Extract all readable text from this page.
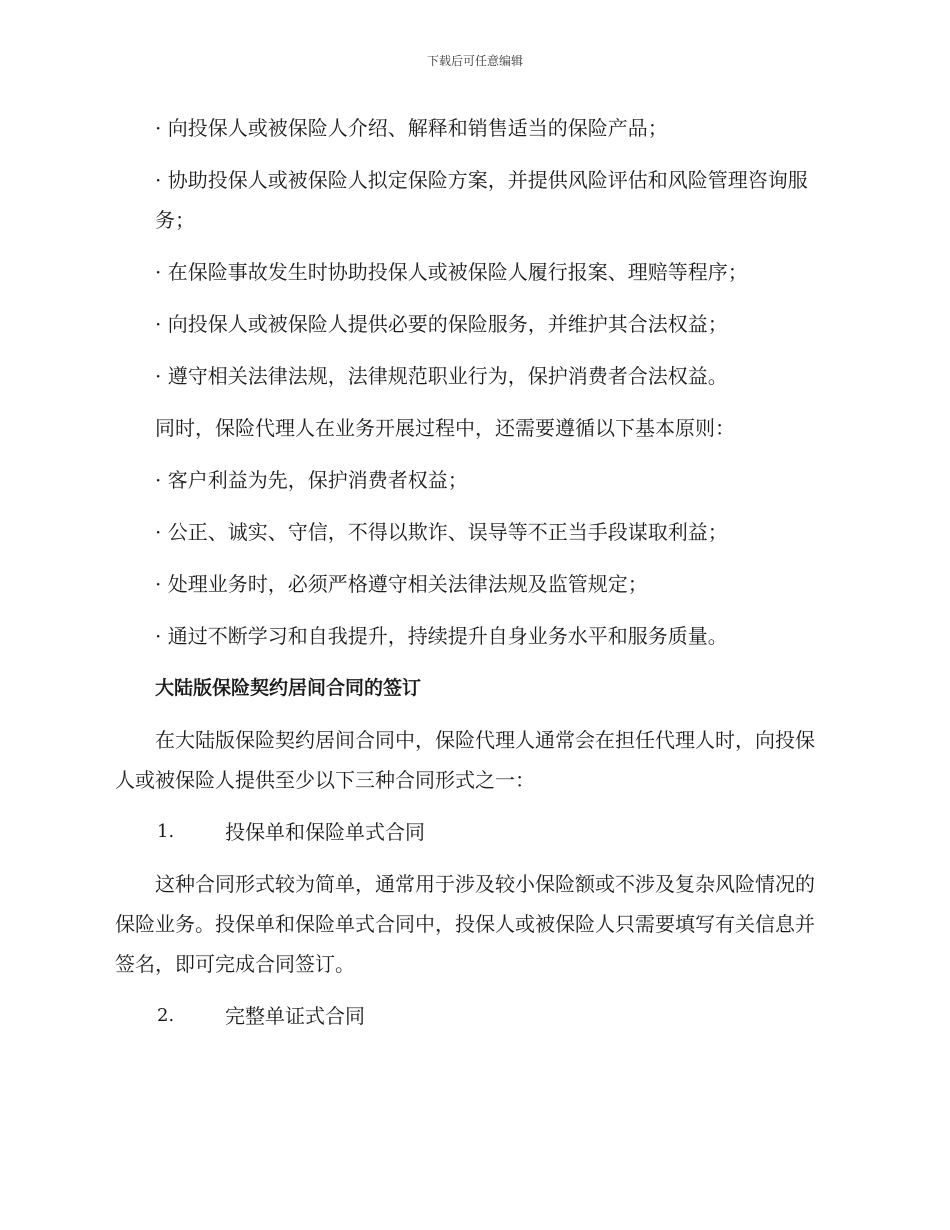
下载后可任意编辑

· 向投保人或被保险人介绍、解释和销售适当的保险产品；

· 协助投保人或被保险人拟定保险方案，并提供风险评估和风险管理咨询服务；

· 在保险事故发生时协助投保人或被保险人履行报案、理赔等程序；

· 向投保人或被保险人提供必要的保险服务，并维护其合法权益；

· 遵守相关法律法规，法律规范职业行为，保护消费者合法权益。

同时，保险代理人在业务开展过程中，还需要遵循以下基本原则：

· 客户利益为先，保护消费者权益；

· 公正、诚实、守信，不得以欺诈、误导等不正当手段谋取利益；

· 处理业务时，必须严格遵守相关法律法规及监管规定；

· 通过不断学习和自我提升，持续提升自身业务水平和服务质量。

大陆版保险契约居间合同的签订

在大陆版保险契约居间合同中，保险代理人通常会在担任代理人时，向投保人或被保险人提供至少以下三种合同形式之一：

1.	投保单和保险单式合同

这种合同形式较为简单，通常用于涉及较小保险额或不涉及复杂风险情况的保险业务。投保单和保险单式合同中，投保人或被保险人只需要填写有关信息并签名，即可完成合同签订。

2.	完整单证式合同
